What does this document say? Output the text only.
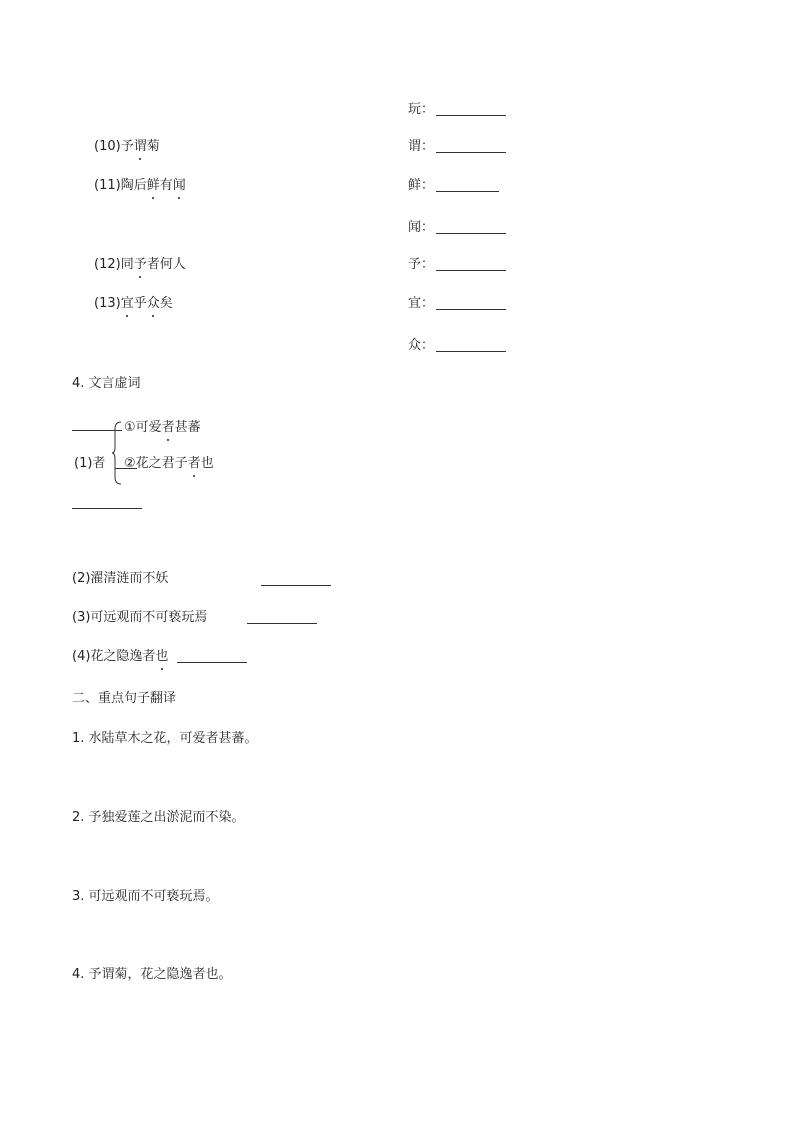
玩：
谓：
鲜：
闻：
予：
宜：
众：
(10)予谓菊
(11)陶后鲜有闻
(12)同予者何人
(13)宜乎众矣
4. 文言虚词
(1)者
①可爱者甚蕃
②花之君子者也
(2)濯清涟而不妖
(3)可远观而不可亵玩焉
(4)花之隐逸者也
二、重点句子翻译
1. 水陆草木之花，可爱者甚蕃。
2. 予独爱莲之出淤泥而不染。
3. 可远观而不可亵玩焉。
4. 予谓菊，花之隐逸者也。
